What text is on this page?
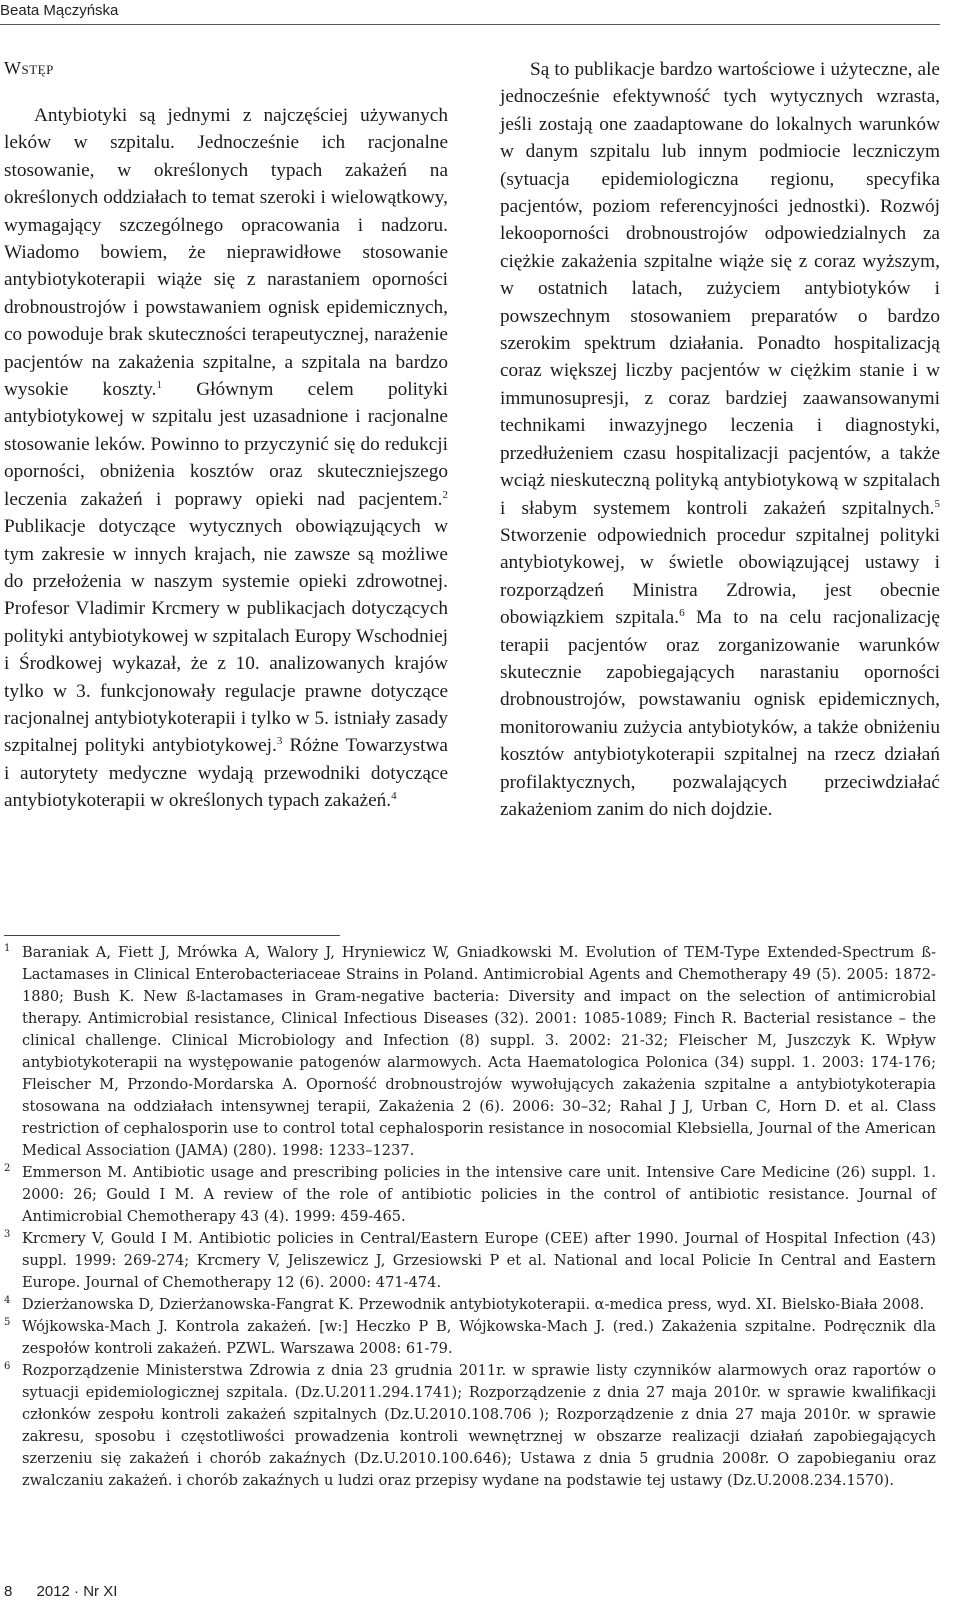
Beata Mączyńska
Wstęp

Antybiotyki są jednymi z najczęściej używanych leków w szpitalu. Jednocześnie ich racjonalne stosowanie, w określonych typach zakażeń na określonych oddziałach to temat szeroki i wielowątkowy, wymagający szczególnego opracowania i nadzoru. Wiadomo bowiem, że nieprawidłowe stosowanie antybiotykoterapii wiąże się z narastaniem oporności drobnoustrojów i powstawaniem ognisk epidemicznych, co powoduje brak skuteczności terapeutycznej, narażenie pacjentów na zakażenia szpitalne, a szpitala na bardzo wysokie koszty.$^1$ Głównym celem polityki antybiotykowej w szpitalu jest uzasadnione i racjonalne stosowanie leków. Powinno to przyczynić się do redukcji oporności, obniżenia kosztów oraz skuteczniejszego leczenia zakażeń i poprawy opieki nad pacjentem.$^2$ Publikacje dotyczące wytycznych obowiązujących w tym zakresie w innych krajach, nie zawsze są możliwe do przełożenia w naszym systemie opieki zdrowotnej. Profesor Vladimir Krcmery w publikacjach dotyczących polityki antybiotykowej w szpitalach Europy Wschodniej i Środkowej wykazał, że z 10. analizowanych krajów tylko w 3. funkcjonowały regulacje prawne dotyczące racjonalnej antybiotykoterapii i tylko w 5. istniały zasady szpitalnej polityki antybiotykowej.$^3$ Różne Towarzystwa i autorytety medyczne wydają przewodniki dotyczące antybiotykoterapii w określonych typach zakażeń.$^4$

Są to publikacje bardzo wartościowe i użyteczne, ale jednocześnie efektywność tych wytycznych wzrasta, jeśli zostają one zaadaptowane do lokalnych warunków w danym szpitalu lub innym podmiocie leczniczym (sytuacja epidemiologiczna regionu, specyfika pacjentów, poziom referencyjności jednostki). Rozwój lekooporności drobnoustrojów odpowiedzialnych za ciężkie zakażenia szpitalne wiąże się z coraz wyższym, w ostatnich latach, zużyciem antybiotyków i powszechnym stosowaniem preparatów o bardzo szerokim spektrum działania. Ponadto hospitalizacją coraz większej liczby pacjentów w ciężkim stanie i w immunosupresji, z coraz bardziej zaawansowanymi technikami inwazyjnego leczenia i diagnostyki, przedłużeniem czasu hospitalizacji pacjentów, a także wciąż nieskuteczną polityką antybiotykową w szpitalach i słabym systemem kontroli zakażeń szpitalnych.$^5$ Stworzenie odpowiednich procedur szpitalnej polityki antybiotykowej, w świetle obowiązującej ustawy i rozporządzeń Ministra Zdrowia, jest obecnie obowiązkiem szpitala.$^6$ Ma to na celu racjonalizację terapii pacjentów oraz zorganizowanie warunków skutecznie zapobiegających narastaniu oporności drobnoustrojów, powstawaniu ognisk epidemicznych, monitorowaniu zużycia antybiotyków, a także obniżeniu kosztów antybiotykoterapii szpitalnej na rzecz działań profilaktycznych, pozwalających przeciwdziałać zakażeniom zanim do nich dojdzie.

1 Baraniak A, Fiett J, Mrówka A, Walory J, Hryniewicz W, Gniadkowski M. Evolution of TEM-Type Extended-Spectrum ß-Lactamases in Clinical Enterobacteriaceae Strains in Poland. Antimicrobial Agents and Chemotherapy 49 (5). 2005: 1872-1880; Bush K. New ß-lactamases in Gram-negative bacteria: Diversity and impact on the selection of antimicrobial therapy. Antimicrobial resistance, Clinical Infectious Diseases (32). 2001: 1085-1089; Finch R. Bacterial resistance – the clinical challenge. Clinical Microbiology and Infection (8) suppl. 3. 2002: 21-32; Fleischer M, Juszczyk K. Wpływ antybiotykoterapii na występowanie patogenów alarmowych. Acta Haematologica Polonica (34) suppl. 1. 2003: 174-176; Fleischer M, Przondo-Mordarska A. Oporność drobnoustrojów wywołujących zakażenia szpitalne a antybiotykoterapia stosowana na oddziałach intensywnej terapii, Zakażenia 2 (6). 2006: 30–32; Rahal J J, Urban C, Horn D. et al. Class restriction of cephalosporin use to control total cephalosporin resistance in nosocomial Klebsiella, Journal of the American Medical Association (JAMA) (280). 1998: 1233–1237.
2 Emmerson M. Antibiotic usage and prescribing policies in the intensive care unit. Intensive Care Medicine (26) suppl. 1. 2000: 26; Gould I M. A review of the role of antibiotic policies in the control of antibiotic resistance. Journal of Antimicrobial Chemotherapy 43 (4). 1999: 459-465.
3 Krcmery V, Gould I M. Antibiotic policies in Central/Eastern Europe (CEE) after 1990. Journal of Hospital Infection (43) suppl. 1999: 269-274; Krcmery V, Jeliszewicz J, Grzesiowski P et al. National and local Policie In Central and Eastern Europe. Journal of Chemotherapy 12 (6). 2000: 471-474.
4 Dzierżanowska D, Dzierżanowska-Fangrat K. Przewodnik antybiotykoterapii. α-medica press, wyd. XI. Bielsko-Biała 2008.
5 Wójkowska-Mach J. Kontrola zakażeń. [w:] Heczko P B, Wójkowska-Mach J. (red.) Zakażenia szpitalne. Podręcznik dla zespołów kontroli zakażeń. PZWL. Warszawa 2008: 61-79.
6 Rozporządzenie Ministerstwa Zdrowia z dnia 23 grudnia 2011r. w sprawie listy czynników alarmowych oraz raportów o sytuacji epidemiologicznej szpitala. (Dz.U.2011.294.1741); Rozporządzenie z dnia 27 maja 2010r. w sprawie kwalifikacji członków zespołu kontroli zakażeń szpitalnych (Dz.U.2010.108.706 ); Rozporządzenie z dnia 27 maja 2010r. w sprawie zakresu, sposobu i częstotliwości prowadzenia kontroli wewnętrznej w obszarze realizacji działań zapobiegających szerzeniu się zakażeń i chorób zakaźnych (Dz.U.2010.100.646); Ustawa z dnia 5 grudnia 2008r. O zapobieganiu oraz zwalczaniu zakażeń. i chorób zakaźnych u ludzi oraz przepisy wydane na podstawie tej ustawy (Dz.U.2008.234.1570).
8 2012 · Nr XI
